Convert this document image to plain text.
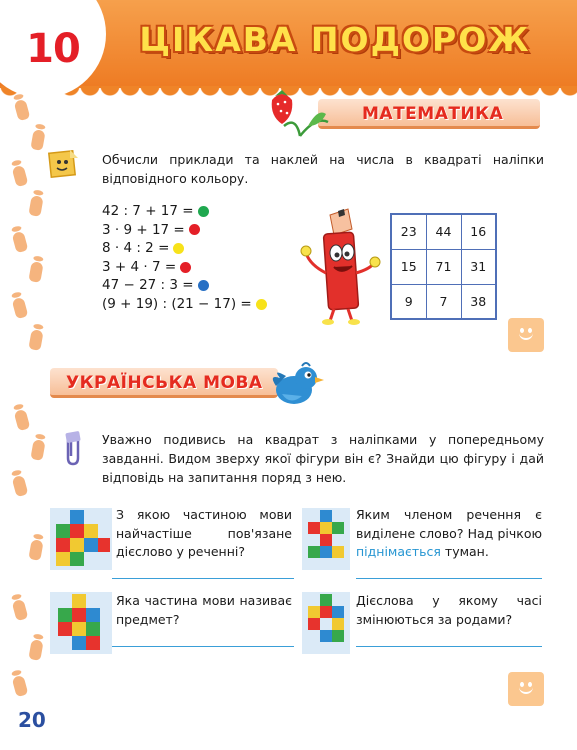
10	ЦІКАВА ПОДОРОЖ
МАТЕМАТИКА

Обчисли приклади та наклей на числа в квадраті наліпки відповідного кольору.

42 : 7 + 17 =
3 · 9 + 17 =
8 · 4 : 2 =
3 + 4 · 7 =
47 − 27 : 3 =
(9 + 19) : (21 − 17) =
23	44	16
15	71	31
9	7	38
УКРАЇНСЬКА МОВА

Уважно подивись на квадрат з наліпками у попередньому завданні. Видом зверху якої фігури він є? Знайди цю фігуру і дай відповідь на запитання поряд з нею.

З якою частиною мови найчастіше пов'язане дієслово у реченні?

Яким членом речення є виділене слово? Над річкою піднімається туман.

Яка частина мови називає предмет?

Дієслова у якому часі змінюються за родами?

20
